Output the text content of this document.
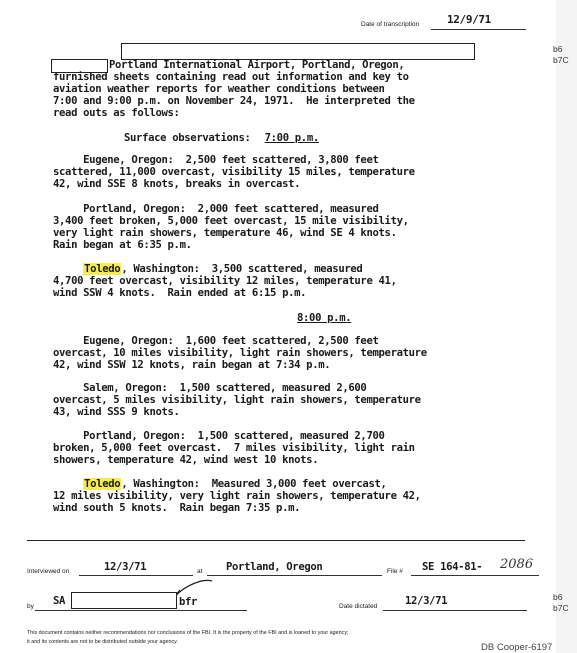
Date of transcription	12/9/71
Portland International Airport, Portland, Oregon,
furnished sheets containing read out information and key to
aviation weather reports for weather conditions between
7:00 and 9:00 p.m. on November 24, 1971.  He interpreted the
read outs as follows:
Surface observations: 7:00 p.m.
Eugene, Oregon:  2,500 feet scattered, 3,800 feet
scattered, 11,000 overcast, visibility 15 miles, temperature
42, wind SSE 8 knots, breaks in overcast.
Portland, Oregon:  2,000 feet scattered, measured
3,400 feet broken, 5,000 feet overcast, 15 mile visibility,
very light rain showers, temperature 46, wind SE 4 knots.
Rain began at 6:35 p.m.
Toledo, Washington:  3,500 scattered, measured
4,700 feet overcast, visibility 12 miles, temperature 41,
wind SSW 4 knots.  Rain ended at 6:15 p.m.
8:00 p.m.
Eugene, Oregon:  1,600 feet scattered, 2,500 feet
overcast, 10 miles visibility, light rain showers, temperature
42, wind SSW 12 knots, rain began at 7:34 p.m.
Salem, Oregon:  1,500 scattered, measured 2,600
overcast, 5 miles visibility, light rain showers, temperature
43, wind SSS 9 knots.
Portland, Oregon:  1,500 scattered, measured 2,700
broken, 5,000 feet overcast.  7 miles visibility, light rain
showers, temperature 42, wind west 10 knots.
Toledo, Washington:  Measured 3,000 feet overcast,
12 miles visibility, very light rain showers, temperature 42,
wind south 5 knots.  Rain began 7:35 p.m.
Interviewed on	12/3/71	at Portland, Oregon	File # SE 164-81- 2086
by SA	bfr	Date dictated	12/3/71
This document contains neither recommendations nor conclusions of the FBI. It is the property of the FBI and is loaned to your agency;
it and its contents are not to be distributed outside your agency.
DB Cooper-6197
b6
b7C
b6
b7C
